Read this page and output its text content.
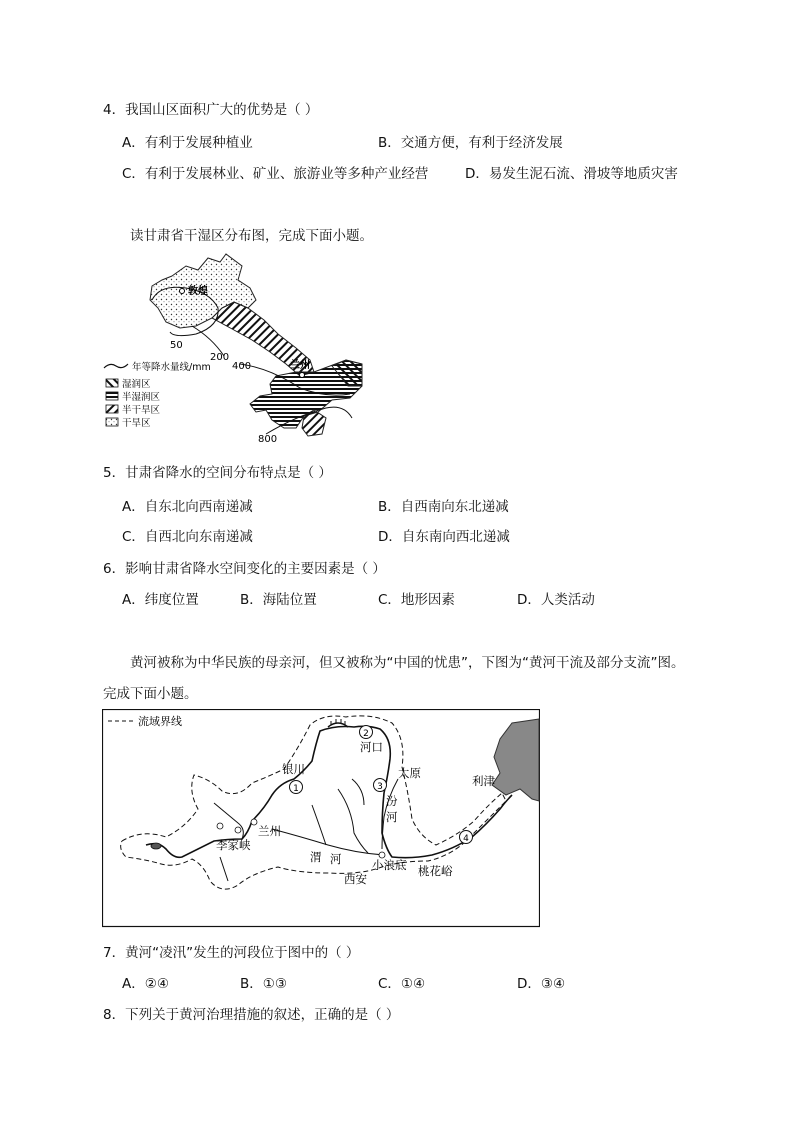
4．我国山区面积广大的优势是（ ）
A．有利于发展种植业	B．交通方便，有利于经济发展
C．有利于发展林业、矿业、旅游业等多种产业经营	D．易发生泥石流、滑坡等地质灾害
读甘肃省干湿区分布图，完成下面小题。
敦煌
兰州
50
200
400
800
年等降水量线/mm
湿润区
半湿润区
半干旱区
干旱区
5．甘肃省降水的空间分布特点是（ ）
A．自东北向西南递减	B．自西南向东北递减
C．自西北向东南递减	D．自东南向西北递减
6．影响甘肃省降水空间变化的主要因素是（ ）
A．纬度位置	B．海陆位置	C．地形因素	D．人类活动
黄河被称为中华民族的母亲河，但又被称为“中国的忧患”，下图为“黄河干流及部分支流”图。
完成下面小题。
1
2
3
4
流域界线
河口
银川	太原
利津
兰州
李家峡
渭 河
汾
河
西安
小浪底 桃花峪
7．黄河“凌汛”发生的河段位于图中的（ ）
A．②④	B．①③	C．①④	D．③④
8．下列关于黄河治理措施的叙述，正确的是（ ）
